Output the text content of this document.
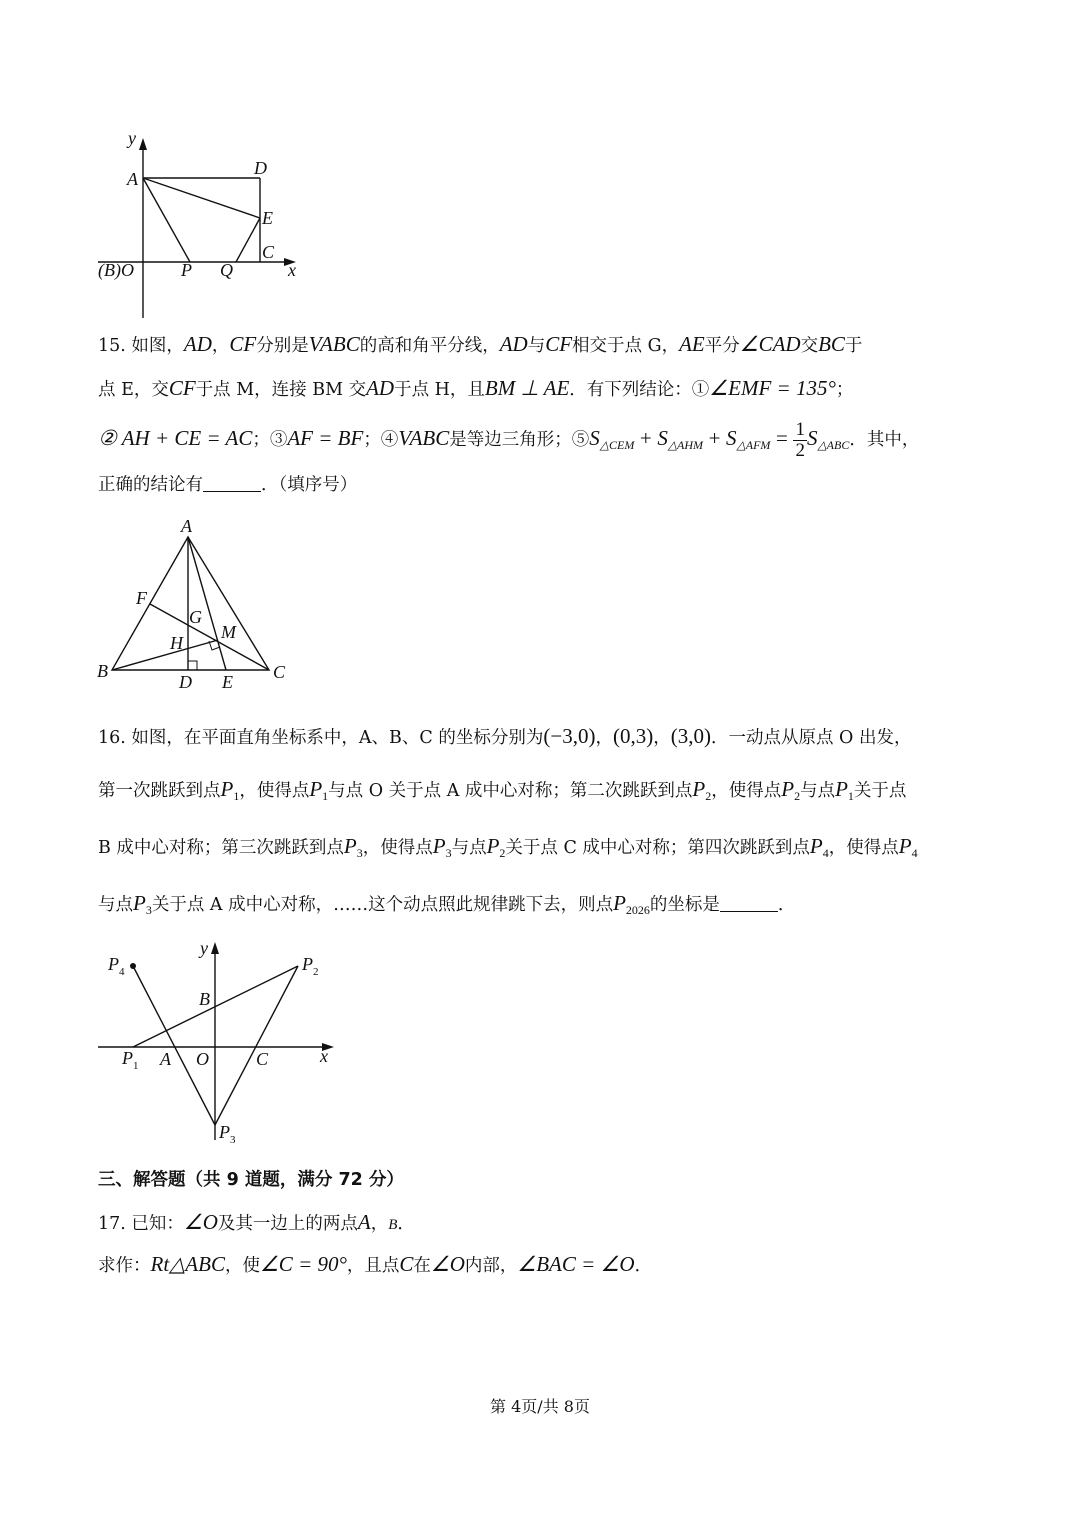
y
A
D
E
C
(B)O	P Q	x
15. 如图，AD，CF分别是VABC的高和角平分线，AD与CF相交于点 G，AE平分∠CAD交BC于
点 E，交CF于点 M，连接 BM 交AD于点 H，且BM ⊥ AE．有下列结论：①∠EMF = 135°；
② AH + CE = AC；③AF = BF；④VABC是等边三角形；$⑤S_{\triangle CEM} + S_{\triangle AHM} + S_{\triangle AFM} = \frac{1}{2} S_{\triangle ABC}$．其中，
正确的结论有	．（填序号）
A
F
G
M
H
B
D E C
16. 如图，在平面直角坐标系中，A、B、C 的坐标分别为(−3,0)，(0,3)，(3,0)．一动点从原点 O 出发，
第一次跳跃到点$P_1$，使得点$P_1$与点 O 关于点 A 成中心对称；第二次跳跃到点$P_2$，使得点$P_2$与点$P_1$关于点
B 成中心对称；第三次跳跃到点$P_3$，使得点$P_3$与点$P_2$关于点 C 成中心对称；第四次跳跃到点$P_4$，使得点$P_4$
与点$P_3$关于点 A 成中心对称，……这个动点照此规律跳下去，则点$P_{2026}$的坐标是	．
$P_4$	$P_2$
y
B
$P_1$ A O	C	x
$P_3$
三、解答题（共 9 道题，满分 72 分）
17. 已知：∠O及其一边上的两点A，B．
求作：Rt△ABC，使∠C = 90°，且点C在∠O内部，∠BAC = ∠O．
第 4页/共 8页
